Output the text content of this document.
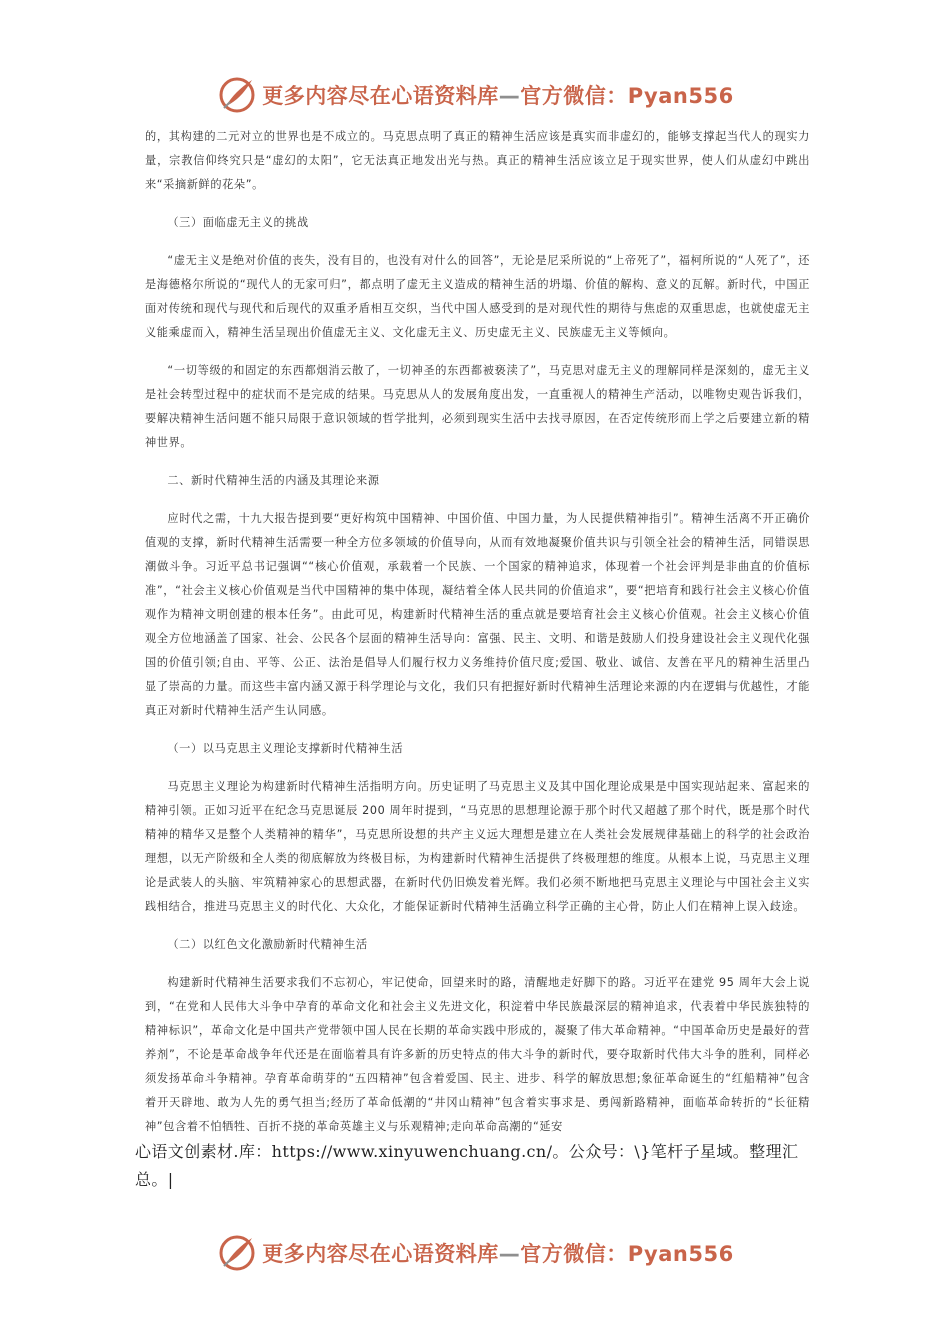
更多内容尽在心语资料库—官方微信：Pyan556

的，其构建的二元对立的世界也是不成立的。马克思点明了真正的精神生活应该是真实而非虚幻的，能够支撑起当代人的现实力量，宗教信仰终究只是“虚幻的太阳”，它无法真正地发出光与热。真正的精神生活应该立足于现实世界，使人们从虚幻中跳出来“采摘新鲜的花朵”。

（三）面临虚无主义的挑战

“虚无主义是绝对价值的丧失，没有目的，也没有对什么的回答”，无论是尼采所说的“上帝死了”，福柯所说的“人死了”，还是海德格尔所说的“现代人的无家可归”，都点明了虚无主义造成的精神生活的坍塌、价值的解构、意义的瓦解。新时代，中国正面对传统和现代与现代和后现代的双重矛盾相互交织，当代中国人感受到的是对现代性的期待与焦虑的双重思虑，也就使虚无主义能乘虚而入，精神生活呈现出价值虚无主义、文化虚无主义、历史虚无主义、民族虚无主义等倾向。

“一切等级的和固定的东西都烟消云散了，一切神圣的东西都被亵渎了”，马克思对虚无主义的理解同样是深刻的，虚无主义是社会转型过程中的症状而不是完成的结果。马克思从人的发展角度出发，一直重视人的精神生产活动，以唯物史观告诉我们，要解决精神生活问题不能只局限于意识领域的哲学批判，必须到现实生活中去找寻原因，在否定传统形而上学之后要建立新的精神世界。

二、新时代精神生活的内涵及其理论来源

应时代之需，十九大报告提到要“更好构筑中国精神、中国价值、中国力量，为人民提供精神指引”。精神生活离不开正确价值观的支撑，新时代精神生活需要一种全方位多领域的价值导向，从而有效地凝聚价值共识与引领全社会的精神生活，同错误思潮做斗争。习近平总书记强调““核心价值观，承载着一个民族、一个国家的精神追求，体现着一个社会评判是非曲直的价值标准”，“社会主义核心价值观是当代中国精神的集中体现，凝结着全体人民共同的价值追求”，要“把培育和践行社会主义核心价值观作为精神文明创建的根本任务”。由此可见，构建新时代精神生活的重点就是要培育社会主义核心价值观。社会主义核心价值观全方位地涵盖了国家、社会、公民各个层面的精神生活导向：富强、民主、文明、和谐是鼓励人们投身建设社会主义现代化强国的价值引领;自由、平等、公正、法治是倡导人们履行权力义务维持价值尺度;爱国、敬业、诚信、友善在平凡的精神生活里凸显了崇高的力量。而这些丰富内涵又源于科学理论与文化，我们只有把握好新时代精神生活理论来源的内在逻辑与优越性，才能真正对新时代精神生活产生认同感。

（一）以马克思主义理论支撑新时代精神生活

马克思主义理论为构建新时代精神生活指明方向。历史证明了马克思主义及其中国化理论成果是中国实现站起来、富起来的精神引领。正如习近平在纪念马克思诞辰 200 周年时提到，“马克思的思想理论源于那个时代又超越了那个时代，既是那个时代精神的精华又是整个人类精神的精华”，马克思所设想的共产主义远大理想是建立在人类社会发展规律基础上的科学的社会政治理想，以无产阶级和全人类的彻底解放为终极目标，为构建新时代精神生活提供了终极理想的维度。从根本上说，马克思主义理论是武装人的头脑、牢筑精神家心的思想武器，在新时代仍旧焕发着光辉。我们必须不断地把马克思主义理论与中国社会主义实践相结合，推进马克思主义的时代化、大众化，才能保证新时代精神生活确立科学正确的主心骨，防止人们在精神上误入歧途。

（二）以红色文化激励新时代精神生活

构建新时代精神生活要求我们不忘初心，牢记使命，回望来时的路，清醒地走好脚下的路。习近平在建党 95 周年大会上说到，“在党和人民伟大斗争中孕育的革命文化和社会主义先进文化，积淀着中华民族最深层的精神追求，代表着中华民族独特的精神标识”，革命文化是中国共产党带领中国人民在长期的革命实践中形成的，凝聚了伟大革命精神。“中国革命历史是最好的营养剂”，不论是革命战争年代还是在面临着具有许多新的历史特点的伟大斗争的新时代，要夺取新时代伟大斗争的胜利，同样必须发扬革命斗争精神。孕育革命萌芽的“五四精神”包含着爱国、民主、进步、科学的解放思想;象征革命诞生的“红船精神”包含着开天辟地、敢为人先的勇气担当;经历了革命低潮的“井冈山精神”包含着实事求是、勇闯新路精神，面临革命转折的“长征精神”包含着不怕牺牲、百折不挠的革命英雄主义与乐观精神;走向革命高潮的“延安

心语文创素材.库：https://www.xinyuwenchuang.cn/。公众号：\}笔杆子星域。整理汇总。|
更多内容尽在心语资料库—官方微信：Pyan556
